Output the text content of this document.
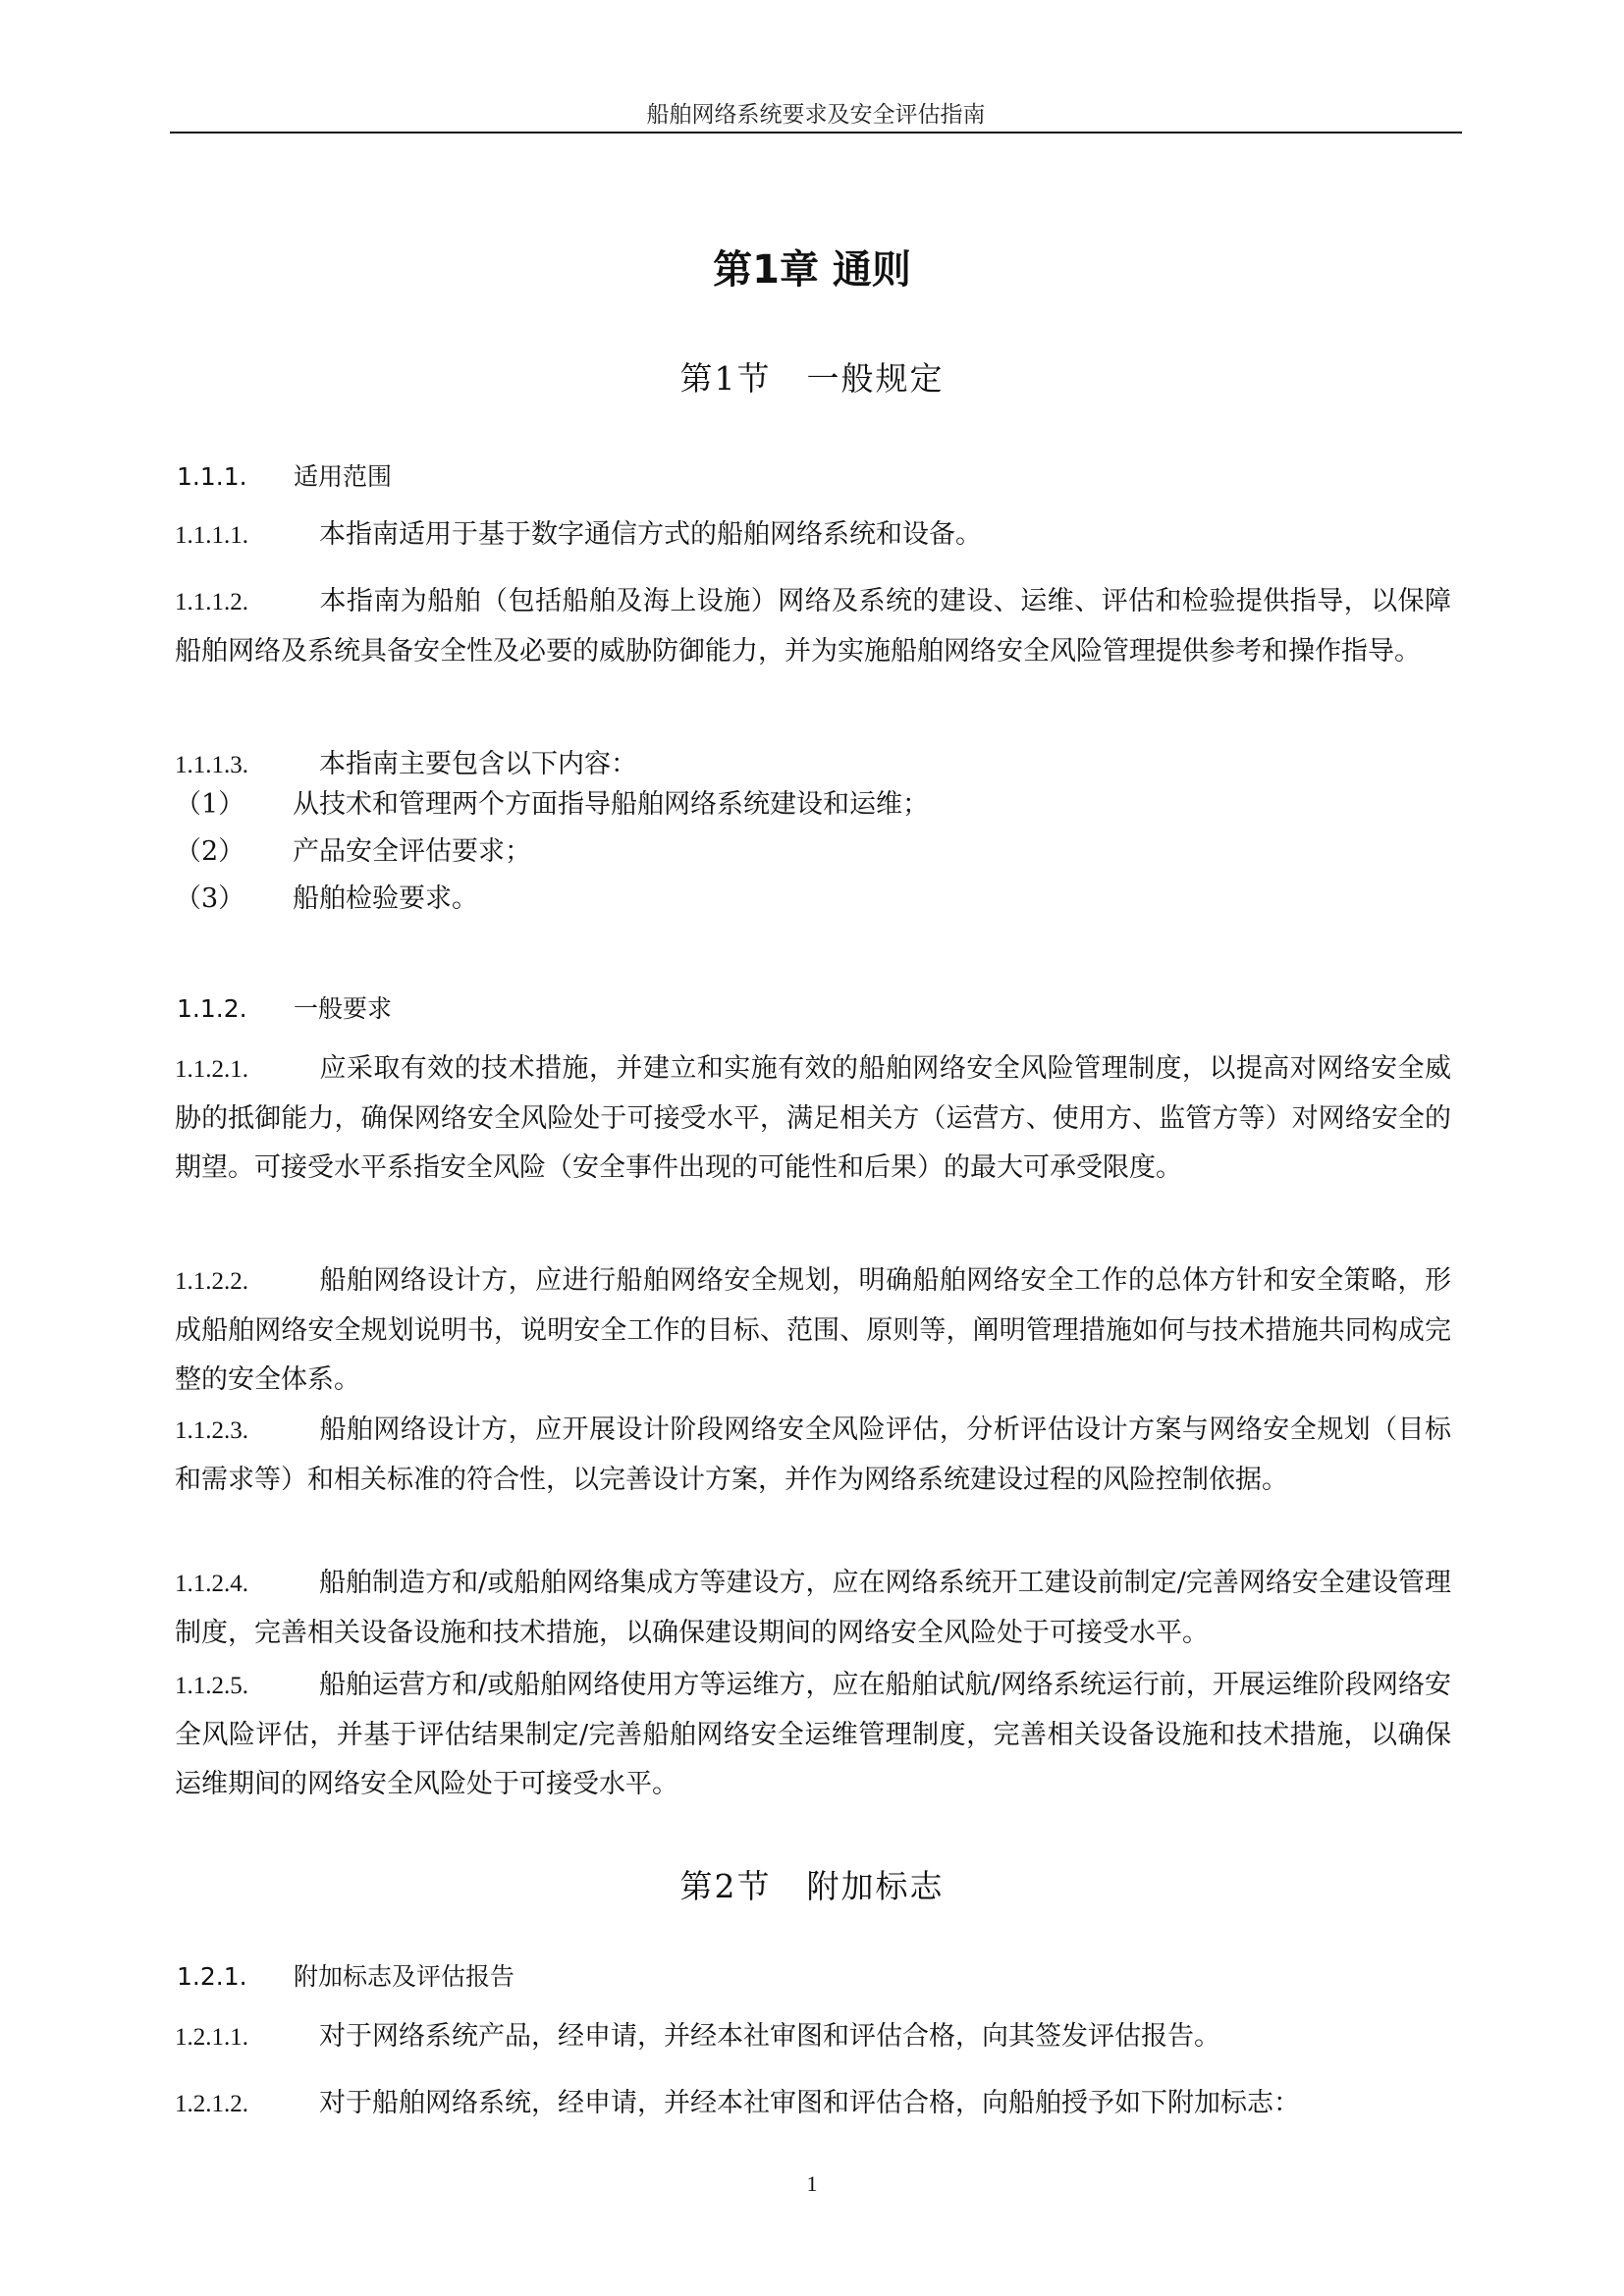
船舶网络系统要求及安全评估指南
第1章 通则
第1节 一般规定
1.1.1. 适用范围
1.1.1.1.	本指南适用于基于数字通信方式的船舶网络系统和设备。
1.1.1.2.	本指南为船舶（包括船舶及海上设施）网络及系统的建设、运维、评估和检验提供指导，以保障船舶网络及系统具备安全性及必要的威胁防御能力，并为实施船舶网络安全风险管理提供参考和操作指导。
1.1.1.3.	本指南主要包含以下内容：
（1） 从技术和管理两个方面指导船舶网络系统建设和运维；
（2） 产品安全评估要求；
（3） 船舶检验要求。
1.1.2. 一般要求
1.1.2.1.	应采取有效的技术措施，并建立和实施有效的船舶网络安全风险管理制度，以提高对网络安全威胁的抵御能力，确保网络安全风险处于可接受水平，满足相关方（运营方、使用方、监管方等）对网络安全的期望。可接受水平系指安全风险（安全事件出现的可能性和后果）的最大可承受限度。
1.1.2.2.	船舶网络设计方，应进行船舶网络安全规划，明确船舶网络安全工作的总体方针和安全策略，形成船舶网络安全规划说明书，说明安全工作的目标、范围、原则等，阐明管理措施如何与技术措施共同构成完整的安全体系。
1.1.2.3.	船舶网络设计方，应开展设计阶段网络安全风险评估，分析评估设计方案与网络安全规划（目标和需求等）和相关标准的符合性，以完善设计方案，并作为网络系统建设过程的风险控制依据。
1.1.2.4.	船舶制造方和/或船舶网络集成方等建设方，应在网络系统开工建设前制定/完善网络安全建设管理制度，完善相关设备设施和技术措施，以确保建设期间的网络安全风险处于可接受水平。
1.1.2.5.	船舶运营方和/或船舶网络使用方等运维方，应在船舶试航/网络系统运行前，开展运维阶段网络安全风险评估，并基于评估结果制定/完善船舶网络安全运维管理制度，完善相关设备设施和技术措施，以确保运维期间的网络安全风险处于可接受水平。
第2节 附加标志
1.2.1. 附加标志及评估报告
1.2.1.1.	对于网络系统产品，经申请，并经本社审图和评估合格，向其签发评估报告。
1.2.1.2.	对于船舶网络系统，经申请，并经本社审图和评估合格，向船舶授予如下附加标志：
1
